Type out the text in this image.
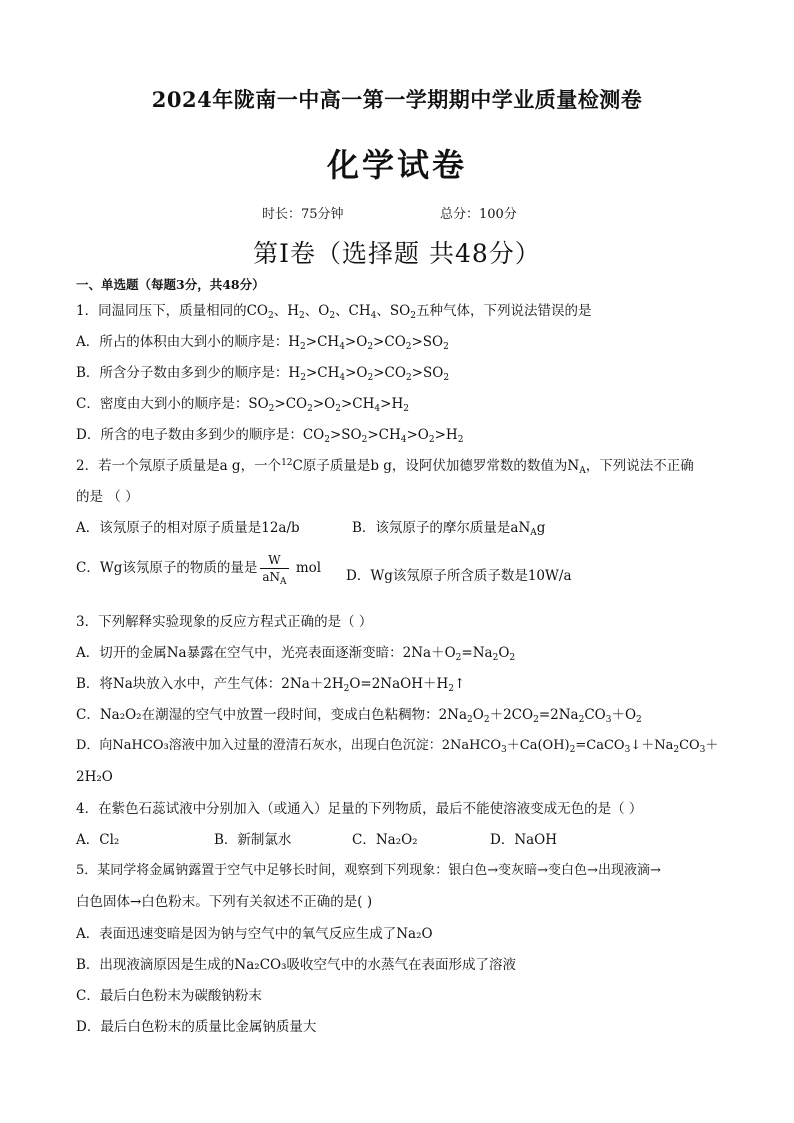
2024年陇南一中高一第一学期期中学业质量检测卷
化学试卷
时长：75分钟	总分：100分
第Ⅰ卷（选择题 共48分）
一、单选题（每题3分，共48分）
1．同温同压下，质量相同的$CO_2$、$H_2$、$O_2$、$CH_4$、$SO_2$五种气体，下列说法错误的是
A．所占的体积由大到小的顺序是：$H_2>CH_4>O_2>CO_2>SO_2$
B．所含分子数由多到少的顺序是：$H_2>CH_4>O_2>CO_2>SO_2$
C．密度由大到小的顺序是：$SO_2>CO_2>O_2>CH_4>H_2$
D．所含的电子数由多到少的顺序是：$CO_2>SO_2>CH_4>O_2>H_2$
2．若一个氖原子质量是a g，一个$^{12}$C原子质量是b g，设阿伏加德罗常数的数值为$N_A$，下列说法不正确
的是 （ ）
A．该氖原子的相对原子质量是12a/b	B．该氖原子的摩尔质量是$aN_Ag$
C．Wg该氖原子的物质的量是 $\frac{W}{aN_A}$ mol D．Wg该氖原子所含质子数是10W/a
3．下列解释实验现象的反应方程式正确的是（ ）
A．切开的金属Na暴露在空气中，光亮表面逐渐变暗：$2Na+O_2=Na_2O_2$
B．将Na块放入水中，产生气体：$2Na+2H_2O=2NaOH+H_2↑$
C．Na₂O₂在潮湿的空气中放置一段时间，变成白色粘稠物：$2Na_2O_2+2CO_2=2Na_2CO_3+O_2$
D．向NaHCO₃溶液中加入过量的澄清石灰水，出现白色沉淀：$2NaHCO_3+Ca(OH)_2=CaCO_3↓+Na_2CO_3+$
2H₂O
4．在紫色石蕊试液中分别加入（或通入）足量的下列物质，最后不能使溶液变成无色的是（ ）
A．Cl₂	B．新制氯水	C．Na₂O₂	D．NaOH
5．某同学将金属钠露置于空气中足够长时间，观察到下列现象：银白色→变灰暗→变白色→出现液滴→
白色固体→白色粉末。下列有关叙述不正确的是( )
A．表面迅速变暗是因为钠与空气中的氧气反应生成了Na₂O
B．出现液滴原因是生成的Na₂CO₃吸收空气中的水蒸气在表面形成了溶液
C．最后白色粉末为碳酸钠粉末
D．最后白色粉末的质量比金属钠质量大
